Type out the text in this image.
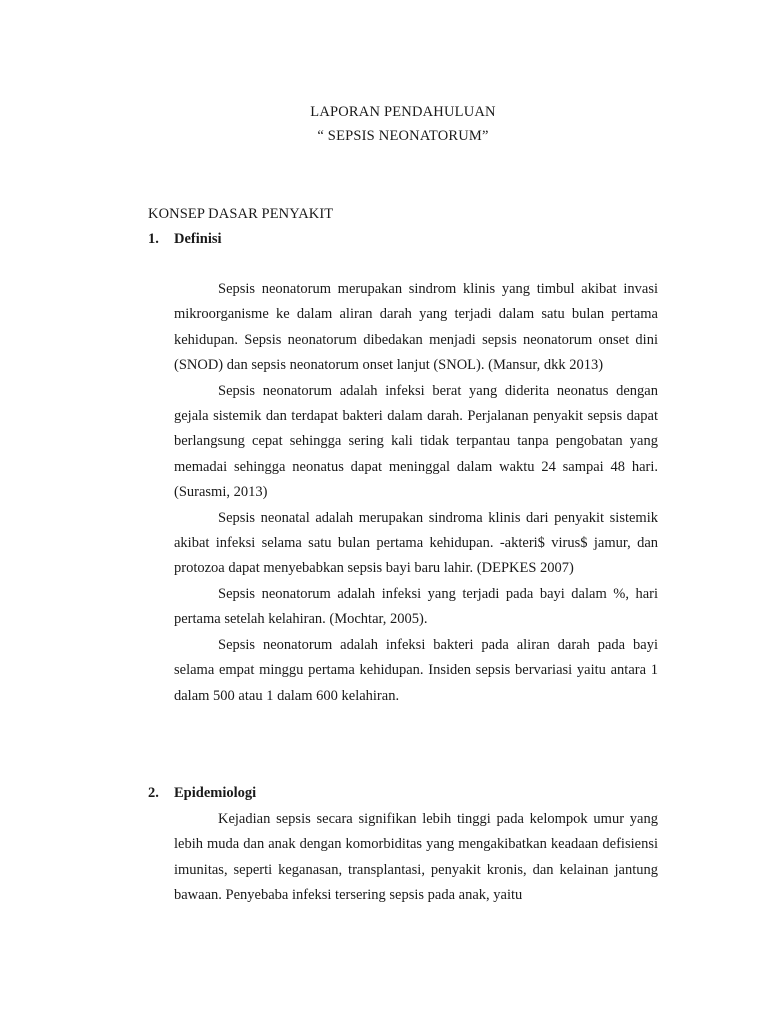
LAPORAN PENDAHULUAN
“ SEPSIS NEONATORUM”
KONSEP DASAR PENYAKIT
1. Definisi

Sepsis neonatorum merupakan sindrom klinis yang timbul akibat invasi mikroorganisme ke dalam aliran darah yang terjadi dalam satu bulan pertama kehidupan. Sepsis neonatorum dibedakan menjadi sepsis neonatorum onset dini (SNOD) dan sepsis neonatorum onset lanjut (SNOL). (Mansur, dkk 2013)

Sepsis neonatorum adalah infeksi berat yang diderita neonatus dengan gejala sistemik dan terdapat bakteri dalam darah. Perjalanan penyakit sepsis dapat berlangsung cepat sehingga sering kali tidak terpantau tanpa pengobatan yang memadai sehingga neonatus dapat meninggal dalam waktu 24 sampai 48 hari. (Surasmi, 2013)

Sepsis neonatal adalah merupakan sindroma klinis dari penyakit sistemik akibat infeksi selama satu bulan pertama kehidupan. -akteri$ virus$ jamur, dan protozoa dapat menyebabkan sepsis bayi baru lahir. (DEPKES 2007)

Sepsis neonatorum adalah infeksi yang terjadi pada bayi dalam %, hari pertama setelah kelahiran. (Mochtar, 2005).

Sepsis neonatorum adalah infeksi bakteri pada aliran darah pada bayi selama empat minggu pertama kehidupan. Insiden sepsis bervariasi yaitu antara 1 dalam 500 atau 1 dalam 600 kelahiran.

2. Epidemiologi

Kejadian sepsis secara signifikan lebih tinggi pada kelompok umur yang lebih muda dan anak dengan komorbiditas yang mengakibatkan keadaan defisiensi imunitas, seperti keganasan, transplantasi, penyakit kronis, dan kelainan jantung bawaan. Penyebaba infeksi tersering sepsis pada anak, yaitu
